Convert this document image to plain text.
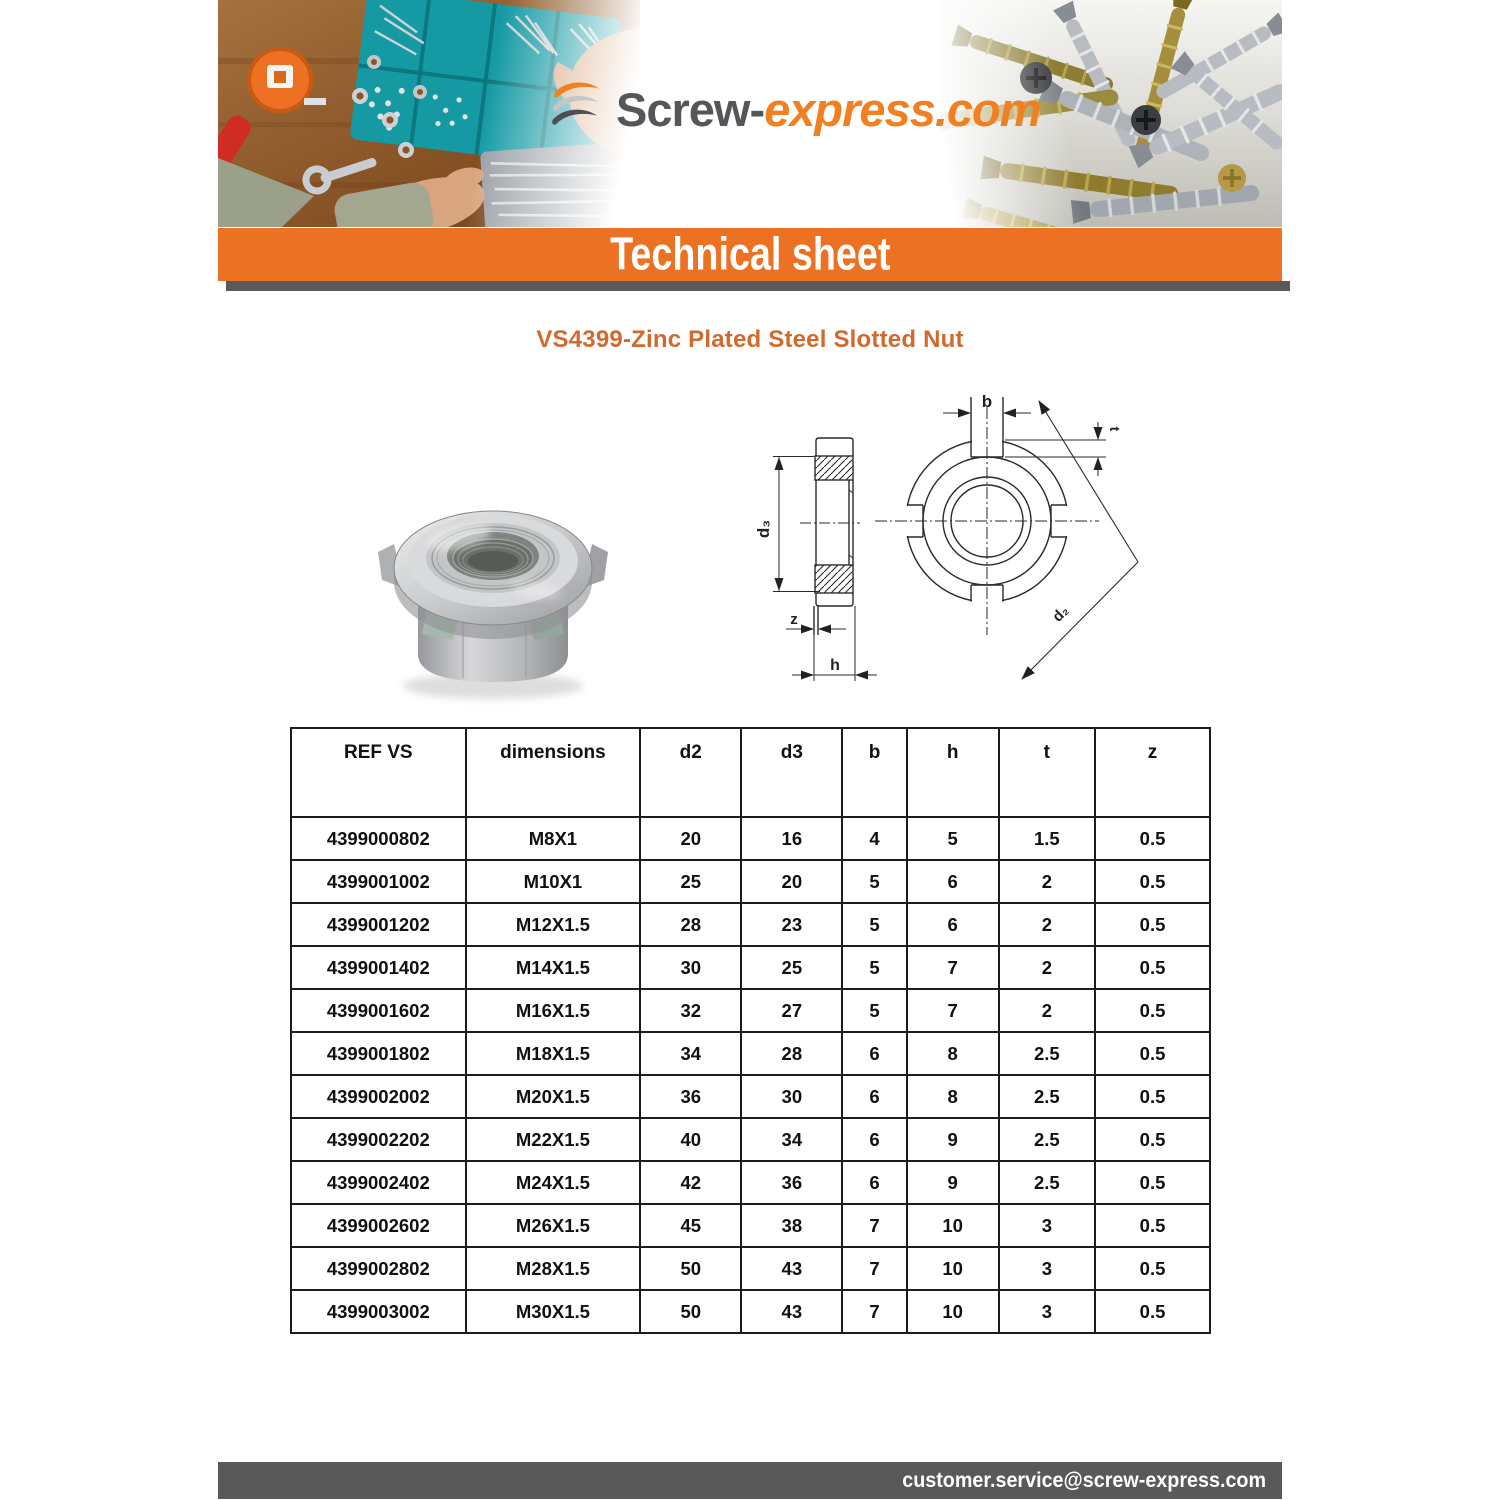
Screw-express.com
Technical sheet
VS4399-Zinc Plated Steel Slotted Nut
d₃
z
h
b
t
d₂
REF VS	dimensions	d2	d3	b	h	t	z
4399000802	M8X1	20	16	4	5	1.5	0.5
4399001002	M10X1	25	20	5	6	2	0.5
4399001202	M12X1.5	28	23	5	6	2	0.5
4399001402	M14X1.5	30	25	5	7	2	0.5
4399001602	M16X1.5	32	27	5	7	2	0.5
4399001802	M18X1.5	34	28	6	8	2.5	0.5
4399002002	M20X1.5	36	30	6	8	2.5	0.5
4399002202	M22X1.5	40	34	6	9	2.5	0.5
4399002402	M24X1.5	42	36	6	9	2.5	0.5
4399002602	M26X1.5	45	38	7	10	3	0.5
4399002802	M28X1.5	50	43	7	10	3	0.5
4399003002	M30X1.5	50	43	7	10	3	0.5
customer.service@screw-express.com
